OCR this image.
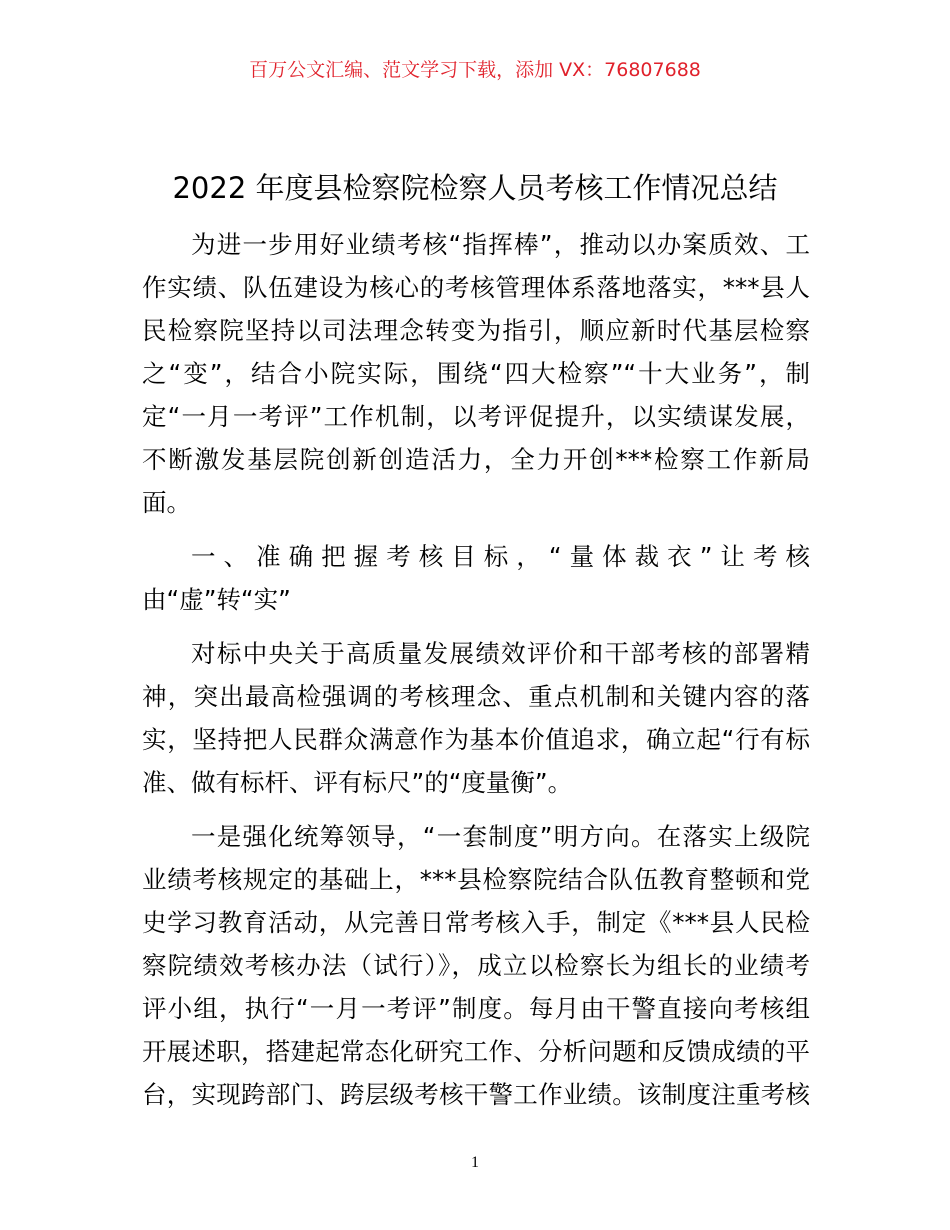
百万公文汇编、范文学习下载，添加 VX：76807688
2022 年度县检察院检察人员考核工作情况总结
为进一步用好业绩考核“指挥棒”，推动以办案质效、工
作实绩、队伍建设为核心的考核管理体系落地落实，***县人
民检察院坚持以司法理念转变为指引，顺应新时代基层检察
之“变”，结合小院实际，围绕“四大检察”“十大业务”，制
定“一月一考评”工作机制，以考评促提升，以实绩谋发展，
不断激发基层院创新创造活力，全力开创***检察工作新局
面。
一、准确把握考核目标，“量体裁衣”让考核
由“虚”转“实”
对标中央关于高质量发展绩效评价和干部考核的部署精
神，突出最高检强调的考核理念、重点机制和关键内容的落
实，坚持把人民群众满意作为基本价值追求，确立起“行有标
准、做有标杆、评有标尺”的“度量衡”。
一是强化统筹领导，“一套制度”明方向。在落实上级院
业绩考核规定的基础上，***县检察院结合队伍教育整顿和党
史学习教育活动，从完善日常考核入手，制定《***县人民检
察院绩效考核办法（试行）》，成立以检察长为组长的业绩考
评小组，执行“一月一考评”制度。每月由干警直接向考核组
开展述职，搭建起常态化研究工作、分析问题和反馈成绩的平
台，实现跨部门、跨层级考核干警工作业绩。该制度注重考核
1
